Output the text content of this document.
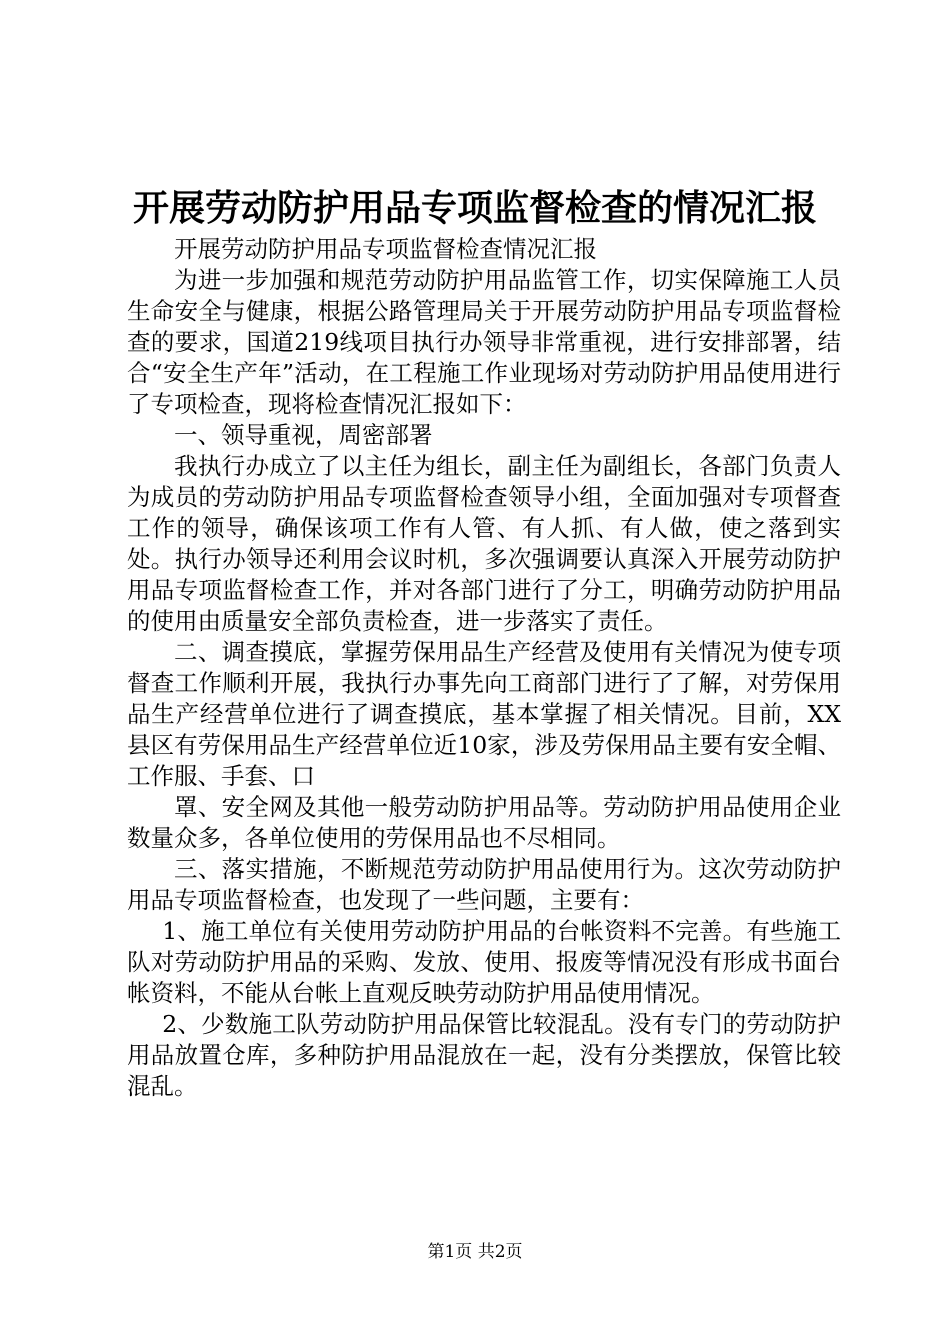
开展劳动防护用品专项监督检查的情况汇报

开展劳动防护用品专项监督检查情况汇报

为进一步加强和规范劳动防护用品监管工作，切实保障施工人员生命安全与健康，根据公路管理局关于开展劳动防护用品专项监督检查的要求，国道219线项目执行办领导非常重视，进行安排部署，结合“安全生产年”活动，在工程施工作业现场对劳动防护用品使用进行了专项检查，现将检查情况汇报如下：

一、领导重视，周密部署

我执行办成立了以主任为组长，副主任为副组长，各部门负责人为成员的劳动防护用品专项监督检查领导小组，全面加强对专项督查工作的领导，确保该项工作有人管、有人抓、有人做，使之落到实处。执行办领导还利用会议时机，多次强调要认真深入开展劳动防护用品专项监督检查工作，并对各部门进行了分工，明确劳动防护用品的使用由质量安全部负责检查，进一步落实了责任。

二、调查摸底，掌握劳保用品生产经营及使用有关情况为使专项督查工作顺利开展，我执行办事先向工商部门进行了了解，对劳保用品生产经营单位进行了调查摸底，基本掌握了相关情况。目前，XX县区有劳保用品生产经营单位近10家，涉及劳保用品主要有安全帽、工作服、手套、口

罩、安全网及其他一般劳动防护用品等。劳动防护用品使用企业数量众多，各单位使用的劳保用品也不尽相同。

三、落实措施，不断规范劳动防护用品使用行为。这次劳动防护用品专项监督检查，也发现了一些问题，主要有：

1、施工单位有关使用劳动防护用品的台帐资料不完善。有些施工队对劳动防护用品的采购、发放、使用、报废等情况没有形成书面台帐资料，不能从台帐上直观反映劳动防护用品使用情况。

2、少数施工队劳动防护用品保管比较混乱。没有专门的劳动防护用品放置仓库，多种防护用品混放在一起，没有分类摆放，保管比较混乱。

第1页 共2页
